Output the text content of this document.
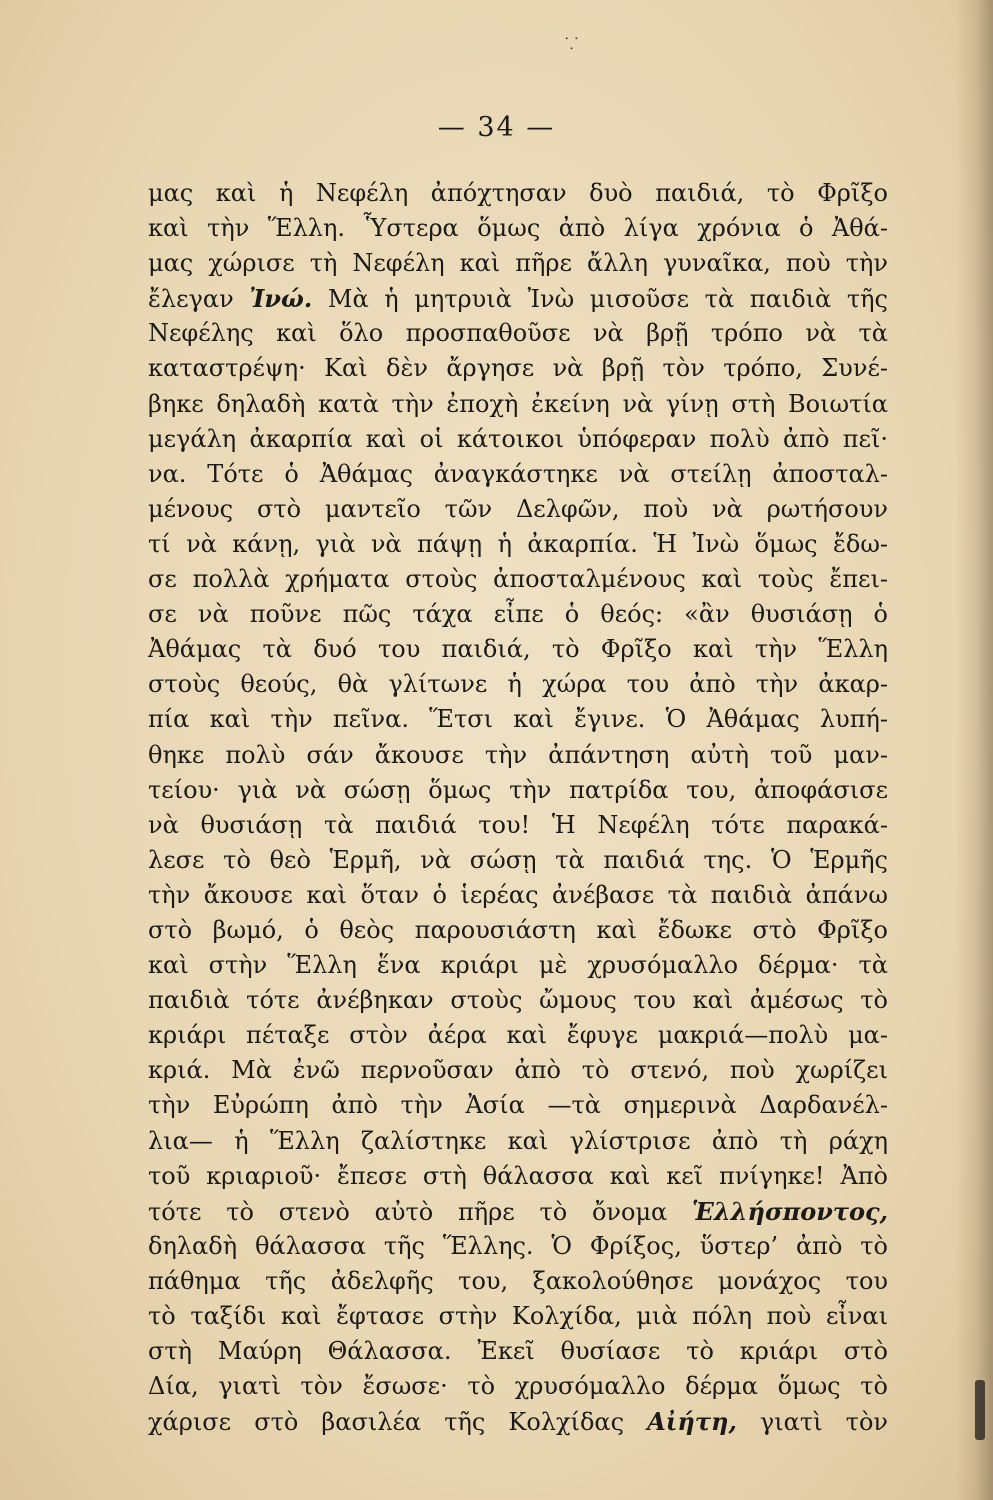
⸪
— 34 —
μας καὶ ἡ Νεφέλη ἀπόχτησαν δυὸ παιδιά, τὸ Φρῖξο
καὶ τὴν Ἕλλη. Ὗστερα ὅμως ἀπὸ λίγα χρόνια ὁ Ἀθά-
μας χώρισε τὴ Νεφέλη καὶ πῆρε ἄλλη γυναῖκα, ποὺ τὴν
ἔλεγαν Ἰνώ. Μὰ ἡ μητρυιὰ Ἰνὼ μισοῦσε τὰ παιδιὰ τῆς
Νεφέλης καὶ ὅλο προσπαθοῦσε νὰ βρῇ τρόπο νὰ τὰ
καταστρέψη· Καὶ δὲν ἄργησε νὰ βρῇ τὸν τρόπο, Συνέ-
βηκε δηλαδὴ κατὰ τὴν ἐποχὴ ἐκείνη νὰ γίνῃ στὴ Βοιωτία
μεγάλη ἀκαρπία καὶ οἱ κάτοικοι ὑπόφεραν πολὺ ἀπὸ πεῖ·
να. Τότε ὁ Ἀθάμας ἀναγκάστηκε νὰ στείλῃ ἀποσταλ-
μένους στὸ μαντεῖο τῶν Δελφῶν, ποὺ νὰ ρωτήσουν
τί νὰ κάνῃ, γιὰ νὰ πάψῃ ἡ ἀκαρπία. Ἡ Ἰνὼ ὅμως ἔδω-
σε πολλὰ χρήματα στοὺς ἀποσταλμένους καὶ τοὺς ἔπει-
σε νὰ ποῦνε πῶς τάχα εἶπε ὁ θεός: «ἂν θυσιάσῃ ὁ
Ἀθάμας τὰ δυό του παιδιά, τὸ Φρῖξο καὶ τὴν Ἕλλη
στοὺς θεούς, θὰ γλίτωνε ἡ χώρα του ἀπὸ τὴν ἀκαρ-
πία καὶ τὴν πεῖνα. Ἕτσι καὶ ἔγινε. Ὁ Ἀθάμας λυπή-
θηκε πολὺ σάν ἄκουσε τὴν ἀπάντηση αὐτὴ τοῦ μαν-
τείου· γιὰ νὰ σώσῃ ὅμως τὴν πατρίδα του, ἀποφάσισε
νὰ θυσιάσῃ τὰ παιδιά του! Ἡ Νεφέλη τότε παρακά-
λεσε τὸ θεὸ Ἑρμῆ, νὰ σώσῃ τὰ παιδιά της. Ὁ Ἑρμῆς
τὴν ἄκουσε καὶ ὅταν ὁ ἱερέας ἀνέβασε τὰ παιδιὰ ἀπάνω
στὸ βωμό, ὁ θεὸς παρουσιάστη καὶ ἔδωκε στὸ Φρῖξο
καὶ στὴν Ἕλλη ἕνα κριάρι μὲ χρυσόμαλλο δέρμα· τὰ
παιδιὰ τότε ἀνέβηκαν στοὺς ὤμους του καὶ ἀμέσως τὸ
κριάρι πέταξε στὸν ἀέρα καὶ ἔφυγε μακριά—πολὺ μα-
κριά. Μὰ ἐνῶ περνοῦσαν ἀπὸ τὸ στενό, ποὺ χωρίζει
τὴν Εὐρώπη ἀπὸ τὴν Ἀσία —τὰ σημερινὰ Δαρδανέλ-
λια— ἡ Ἕλλη ζαλίστηκε καὶ γλίστρισε ἀπὸ τὴ ράχη
τοῦ κριαριοῦ· ἔπεσε στὴ θάλασσα καὶ κεῖ πνίγηκε! Ἀπὸ
τότε τὸ στενὸ αὐτὸ πῆρε τὸ ὄνομα Ἑλλήσποντος,
δηλαδὴ θάλασσα τῆς Ἕλλης. Ὁ Φρίξος, ὕστερ’ ἀπὸ τὸ
πάθημα τῆς ἀδελφῆς του, ξακολούθησε μονάχος του
τὸ ταξίδι καὶ ἔφτασε στὴν Κολχίδα, μιὰ πόλη ποὺ εἶναι
στὴ Μαύρη Θάλασσα. Ἐκεῖ θυσίασε τὸ κριάρι στὸ
Δία, γιατὶ τὸν ἔσωσε· τὸ χρυσόμαλλο δέρμα ὅμως τὸ
χάρισε στὸ βασιλέα τῆς Κολχίδας Αἰήτη, γιατὶ τὸν
